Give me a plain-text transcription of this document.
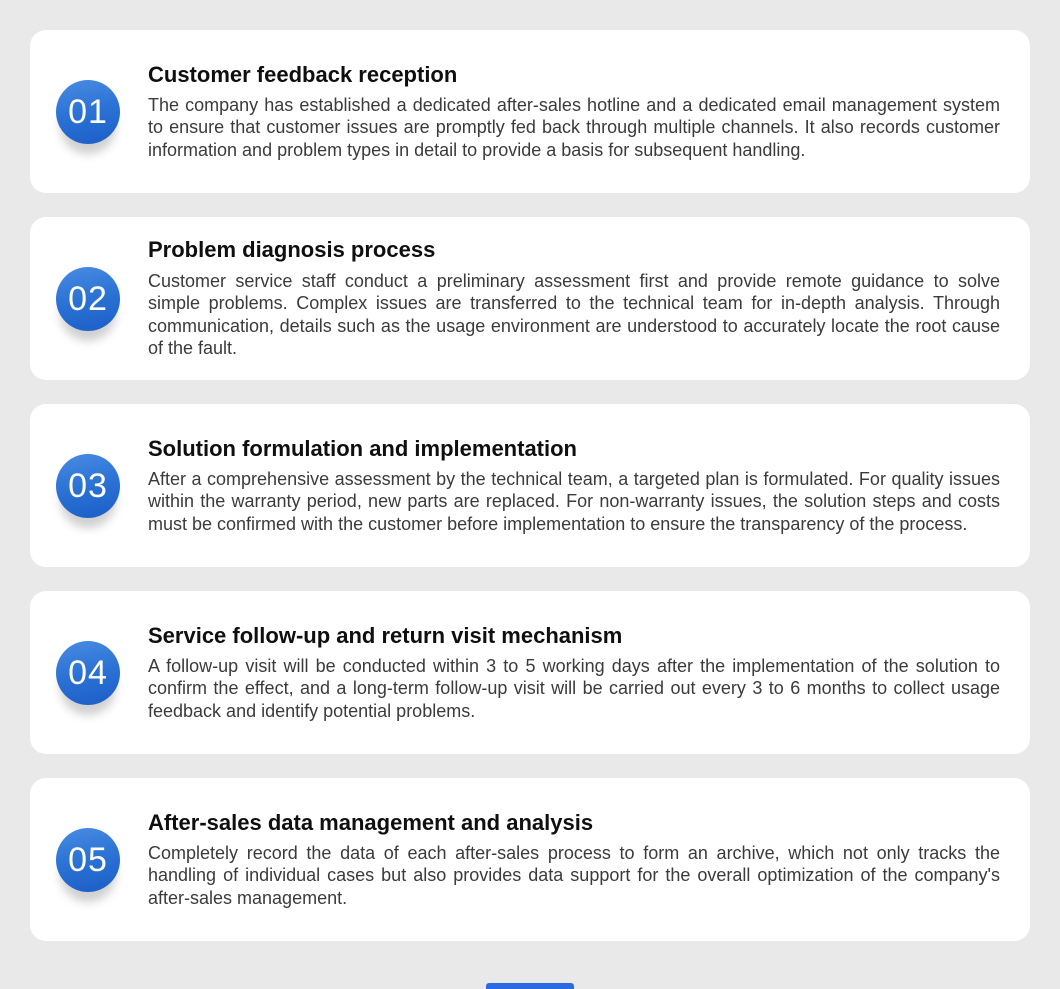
01
Customer feedback reception

The company has established a dedicated after-sales hotline and a dedicated email management system to ensure that customer issues are promptly fed back through multiple channels. It also records customer information and problem types in detail to provide a basis for subsequent handling.

02
Problem diagnosis process

Customer service staff conduct a preliminary assessment first and provide remote guidance to solve simple problems. Complex issues are transferred to the technical team for in-depth analysis. Through communication, details such as the usage environment are understood to accurately locate the root cause of the fault.

03
Solution formulation and implementation

After a comprehensive assessment by the technical team, a targeted plan is formulated. For quality issues within the warranty period, new parts are replaced. For non-warranty issues, the solution steps and costs must be confirmed with the customer before implementation to ensure the transparency of the process.

04
Service follow-up and return visit mechanism

A follow-up visit will be conducted within 3 to 5 working days after the implementation of the solution to confirm the effect, and a long-term follow-up visit will be carried out every 3 to 6 months to collect usage feedback and identify potential problems.

05
After-sales data management and analysis

Completely record the data of each after-sales process to form an archive, which not only tracks the handling of individual cases but also provides data support for the overall optimization of the company's after-sales management.
